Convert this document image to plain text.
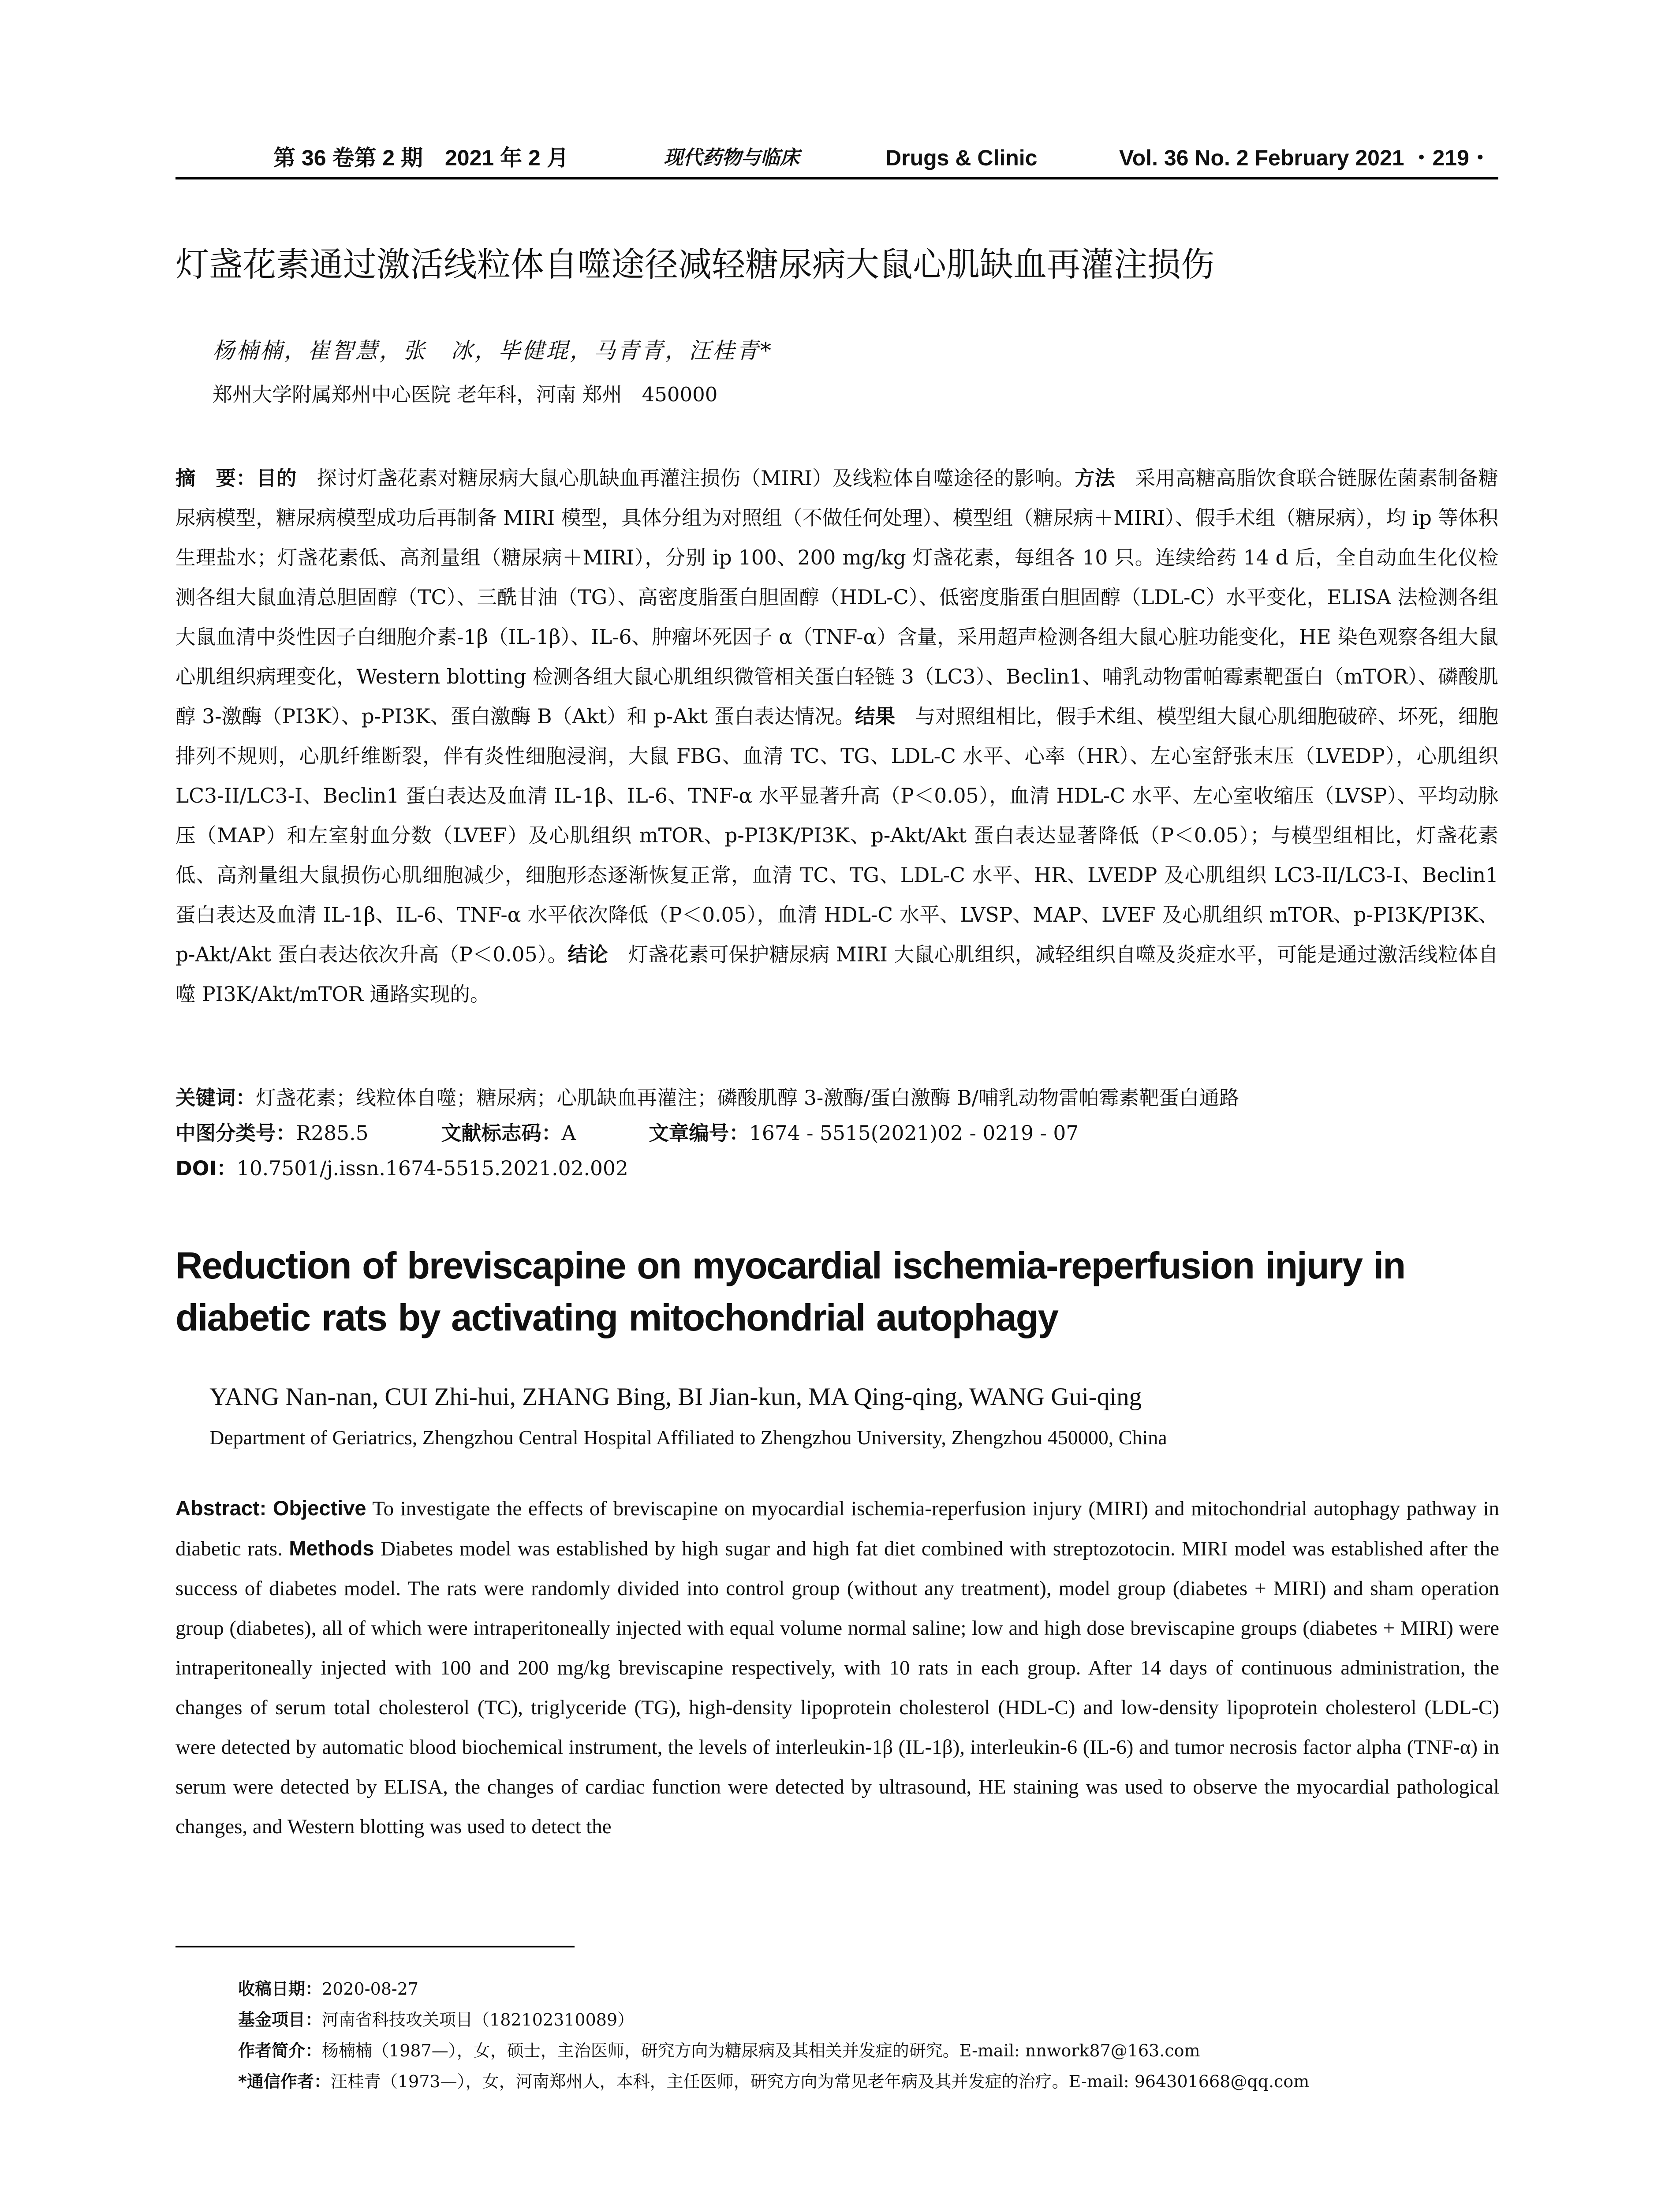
第 36 卷第 2 期　2021 年 2 月	现代药物与临床	Drugs & Clinic	Vol. 36 No. 2 February 2021 ・219・
灯盏花素通过激活线粒体自噬途径减轻糖尿病大鼠心肌缺血再灌注损伤
杨楠楠，崔智慧，张　冰，毕健琨，马青青，汪桂青*
郑州大学附属郑州中心医院 老年科，河南 郑州　450000
摘　要：目的　探讨灯盏花素对糖尿病大鼠心肌缺血再灌注损伤（MIRI）及线粒体自噬途径的影响。方法　采用高糖高脂饮食联合链脲佐菌素制备糖尿病模型，糖尿病模型成功后再制备 MIRI 模型，具体分组为对照组（不做任何处理）、模型组（糖尿病＋MIRI）、假手术组（糖尿病），均 ip 等体积生理盐水；灯盏花素低、高剂量组（糖尿病＋MIRI），分别 ip 100、200 mg/kg 灯盏花素，每组各 10 只。连续给药 14 d 后，全自动血生化仪检测各组大鼠血清总胆固醇（TC）、三酰甘油（TG）、高密度脂蛋白胆固醇（HDL-C）、低密度脂蛋白胆固醇（LDL-C）水平变化，ELISA 法检测各组大鼠血清中炎性因子白细胞介素-1β（IL-1β）、IL-6、肿瘤坏死因子 α（TNF-α）含量，采用超声检测各组大鼠心脏功能变化，HE 染色观察各组大鼠心肌组织病理变化，Western blotting 检测各组大鼠心肌组织微管相关蛋白轻链 3（LC3）、Beclin1、哺乳动物雷帕霉素靶蛋白（mTOR）、磷酸肌醇 3-激酶（PI3K）、p-PI3K、蛋白激酶 B（Akt）和 p-Akt 蛋白表达情况。结果　与对照组相比，假手术组、模型组大鼠心肌细胞破碎、坏死，细胞排列不规则，心肌纤维断裂，伴有炎性细胞浸润，大鼠 FBG、血清 TC、TG、LDL-C 水平、心率（HR）、左心室舒张末压（LVEDP），心肌组织 LC3-II/LC3-I、Beclin1 蛋白表达及血清 IL-1β、IL-6、TNF-α 水平显著升高（P＜0.05），血清 HDL-C 水平、左心室收缩压（LVSP）、平均动脉压（MAP）和左室射血分数（LVEF）及心肌组织 mTOR、p-PI3K/PI3K、p-Akt/Akt 蛋白表达显著降低（P＜0.05）；与模型组相比，灯盏花素低、高剂量组大鼠损伤心肌细胞减少，细胞形态逐渐恢复正常，血清 TC、TG、LDL-C 水平、HR、LVEDP 及心肌组织 LC3-II/LC3-I、Beclin1 蛋白表达及血清 IL-1β、IL-6、TNF-α 水平依次降低（P＜0.05），血清 HDL-C 水平、LVSP、MAP、LVEF 及心肌组织 mTOR、p-PI3K/PI3K、p-Akt/Akt 蛋白表达依次升高（P＜0.05）。结论　灯盏花素可保护糖尿病 MIRI 大鼠心肌组织，减轻组织自噬及炎症水平，可能是通过激活线粒体自噬 PI3K/Akt/mTOR 通路实现的。
关键词：灯盏花素；线粒体自噬；糖尿病；心肌缺血再灌注；磷酸肌醇 3-激酶/蛋白激酶 B/哺乳动物雷帕霉素靶蛋白通路
中图分类号：R285.5	文献标志码：A	文章编号：1674 - 5515(2021)02 - 0219 - 07
DOI：10.7501/j.issn.1674-5515.2021.02.002
Reduction of breviscapine on myocardial ischemia-reperfusion injury in diabetic rats by activating mitochondrial autophagy
YANG Nan-nan, CUI Zhi-hui, ZHANG Bing, BI Jian-kun, MA Qing-qing, WANG Gui-qing
Department of Geriatrics, Zhengzhou Central Hospital Affiliated to Zhengzhou University, Zhengzhou 450000, China
Abstract: Objective To investigate the effects of breviscapine on myocardial ischemia-reperfusion injury (MIRI) and mitochondrial autophagy pathway in diabetic rats. Methods Diabetes model was established by high sugar and high fat diet combined with streptozotocin. MIRI model was established after the success of diabetes model. The rats were randomly divided into control group (without any treatment), model group (diabetes + MIRI) and sham operation group (diabetes), all of which were intraperitoneally injected with equal volume normal saline; low and high dose breviscapine groups (diabetes + MIRI) were intraperitoneally injected with 100 and 200 mg/kg breviscapine respectively, with 10 rats in each group. After 14 days of continuous administration, the changes of serum total cholesterol (TC), triglyceride (TG), high-density lipoprotein cholesterol (HDL-C) and low-density lipoprotein cholesterol (LDL-C) were detected by automatic blood biochemical instrument, the levels of interleukin-1β (IL-1β), interleukin-6 (IL-6) and tumor necrosis factor alpha (TNF-α) in serum were detected by ELISA, the changes of cardiac function were detected by ultrasound, HE staining was used to observe the myocardial pathological changes, and Western blotting was used to detect the
收稿日期：2020-08-27
基金项目：河南省科技攻关项目（182102310089）
作者简介：杨楠楠（1987—），女，硕士，主治医师，研究方向为糖尿病及其相关并发症的研究。E-mail: nnwork87@163.com
*通信作者：汪桂青（1973—），女，河南郑州人，本科，主任医师，研究方向为常见老年病及其并发症的治疗。E-mail: 964301668@qq.com
